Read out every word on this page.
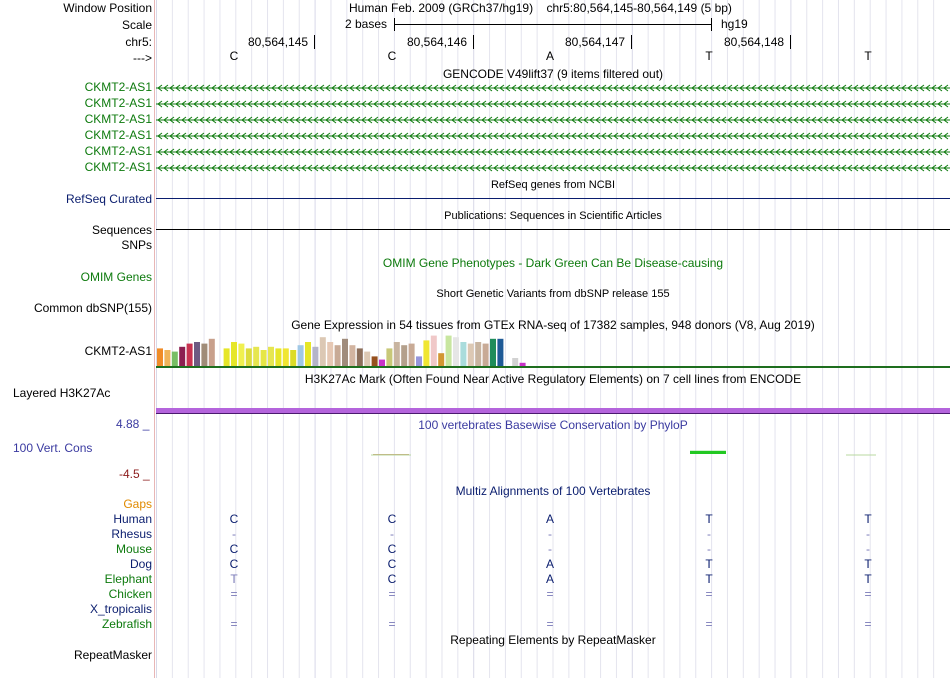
Window Position	Human Feb. 2009 (GRCh37/hg19)    chr5:80,564,145-80,564,149 (5 bp)
Scale	2 bases	hg19
chr5:	80,564,145	80,564,146	80,564,147	80,564,148
--->	C	C	A	T	T
GENCODE V49lift37 (9 items filtered out)
CKMT2-AS1
CKMT2-AS1
CKMT2-AS1
CKMT2-AS1
CKMT2-AS1
CKMT2-AS1
RefSeq genes from NCBI
RefSeq Curated
Publications: Sequences in Scientific Articles
Sequences
SNPs
OMIM Gene Phenotypes - Dark Green Can Be Disease-causing
OMIM Genes
Short Genetic Variants from dbSNP release 155
Common dbSNP(155)
Gene Expression in 54 tissues from GTEx RNA-seq of 17382 samples, 948 donors (V8, Aug 2019)
CKMT2-AS1
H3K27Ac Mark (Often Found Near Active Regulatory Elements) on 7 cell lines from ENCODE
Layered H3K27Ac
100 vertebrates Basewise Conservation by PhyloP
4.88 _
100 Vert. Cons
-4.5 _
Multiz Alignments of 100 Vertebrates
Gaps
Human	C	C	A	T	T
Rhesus	-	-	-	-	-
Mouse	C	C	-	-	-
Dog	C	C	A	T	T
Elephant	T	C	A	T	T
Chicken	=	=	=	=	=
X_tropicalis
Zebrafish	=	=	=	=	=
Repeating Elements by RepeatMasker
RepeatMasker
